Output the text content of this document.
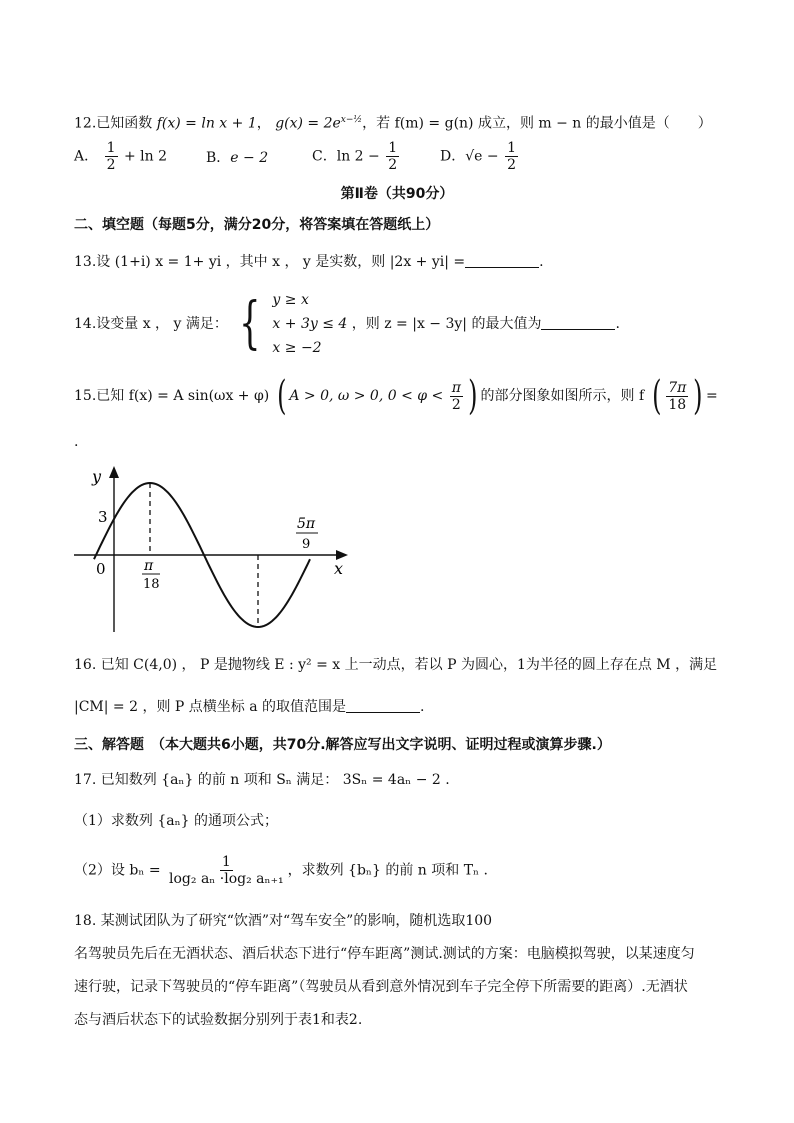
12.已知函数 f(x) = ln x + 1， $g(x) = 2e^{x-\frac{1}{2}}$，若 f(m) = g(n) 成立，则 m − n 的最小值是（　　）
A． $\frac{1}{2} + \ln 2$	B．e − 2	C．$\ln 2 - \frac{1}{2}$	D．$√e - \frac{1}{2}$
第Ⅱ卷（共90分）
二、填空题（每题5分，满分20分，将答案填在答题纸上）
13.设 (1+i) x = 1+ yi ，其中 x ， y 是实数，则 |2x + yi| =	.
14.设变量 x ， y 满足： { y ≥ x
x + 3y ≤ 4
x ≥ −2
，则 z = |x − 3y| 的最大值为	.
15.已知 f(x) = A sin(ωx + φ) ( A > 0, ω > 0, $0 < \varphi < \frac{\pi}{2}$ ) 的部分图象如图所示，则 f ( $\frac{7\pi}{18}$ ) =
.
y
x
0
3
π
18
5π
9
16. 已知 C(4,0) ， P 是抛物线 E : y² = x 上一动点，若以 P 为圆心，1为半径的圆上存在点 M ，满足
|CM| = 2 ，则 P 点横坐标 a 的取值范围是	.
三、解答题　（本大题共6小题，共70分.解答应写出文字说明、证明过程或演算步骤.）
17. 已知数列 {aₙ} 的前 n 项和 Sₙ 满足： 3Sₙ = 4aₙ − 2 .
（1）求数列 {aₙ} 的通项公式；
（2）设 $b_n = \frac{1}{\text{log₂ aₙ ·log₂ aₙ₊₁}}$ ，求数列 {bₙ} 的前 n 项和 Tₙ .
18. 某测试团队为了研究“饮酒”对“驾车安全”的影响，随机选取100
名驾驶员先后在无酒状态、酒后状态下进行“停车距离”测试.测试的方案：电脑模拟驾驶，以某速度匀
速行驶，记录下驾驶员的“停车距离”（驾驶员从看到意外情况到车子完全停下所需要的距离）.无酒状
态与酒后状态下的试验数据分别列于表1和表2.
